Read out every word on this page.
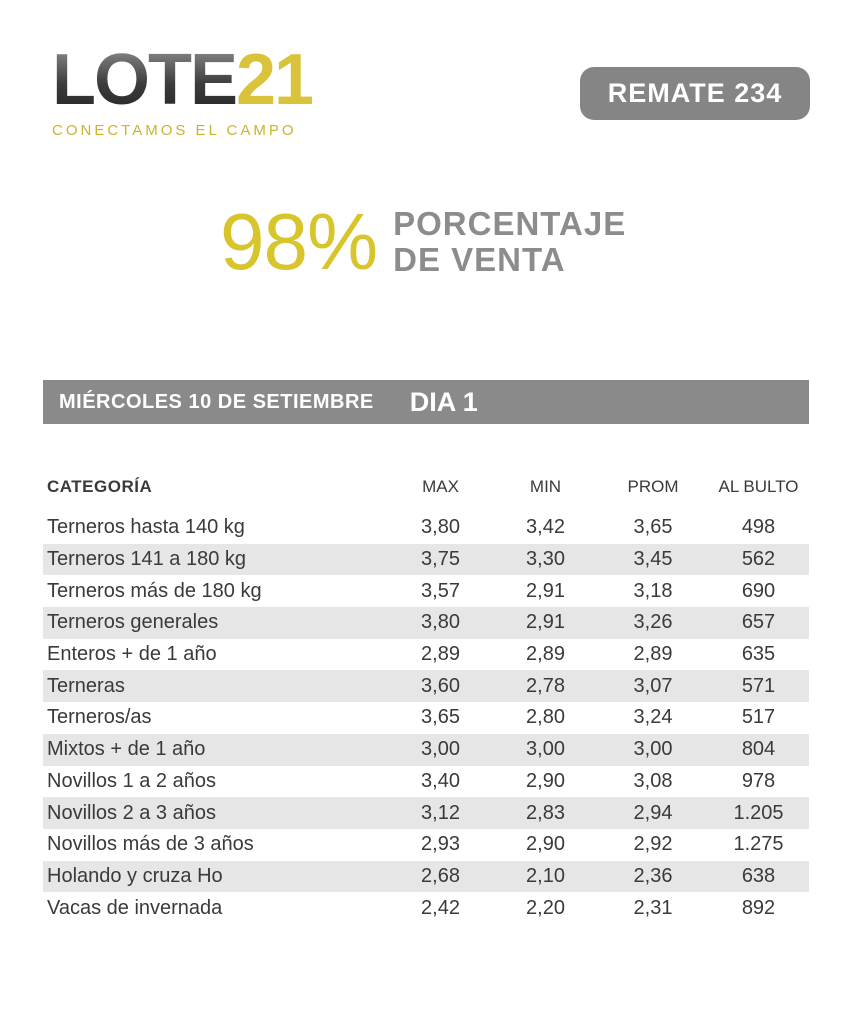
LOTE21
CONECTAMOS EL CAMPO
REMATE 234
98% PORCENTAJE
DE VENTA
MIÉRCOLES 10 DE SETIEMBRE DIA 1
CATEGORÍA	MAX	MIN	PROM	AL BULTO
Terneros hasta 140 kg	3,80	3,42	3,65	498
Terneros 141 a 180 kg	3,75	3,30	3,45	562
Terneros más de 180 kg	3,57	2,91	3,18	690
Terneros generales	3,80	2,91	3,26	657
Enteros + de 1 año	2,89	2,89	2,89	635
Terneras	3,60	2,78	3,07	571
Terneros/as	3,65	2,80	3,24	517
Mixtos + de 1 año	3,00	3,00	3,00	804
Novillos 1 a 2 años	3,40	2,90	3,08	978
Novillos 2 a 3 años	3,12	2,83	2,94	1.205
Novillos más de 3 años	2,93	2,90	2,92	1.275
Holando y cruza Ho	2,68	2,10	2,36	638
Vacas de invernada	2,42	2,20	2,31	892
